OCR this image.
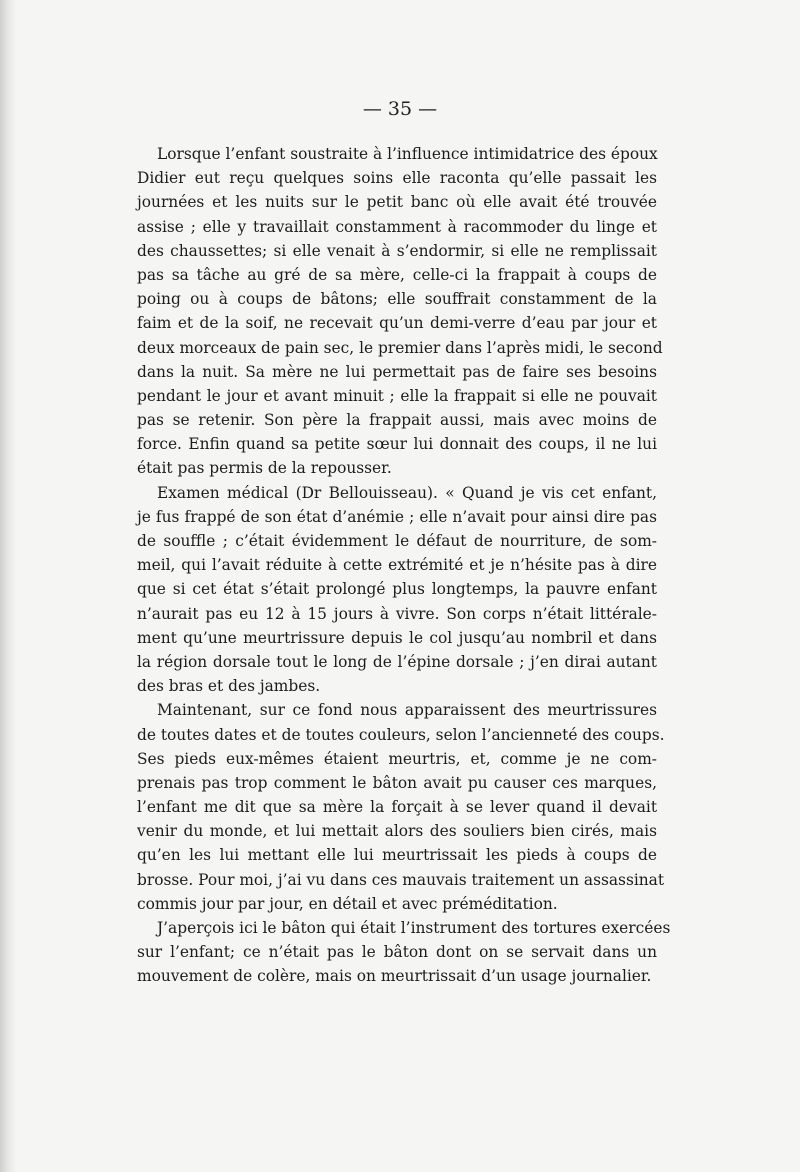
— 35 —

Lorsque l’enfant soustraite à l’influence intimidatrice des époux
Didier eut reçu quelques soins elle raconta qu’elle passait les
journées et les nuits sur le petit banc où elle avait été trouvée
assise ; elle y travaillait constamment à racommoder du linge et
des chaussettes; si elle venait à s’endormir, si elle ne remplissait
pas sa tâche au gré de sa mère, celle-ci la frappait à coups de
poing ou à coups de bâtons; elle souffrait constamment de la
faim et de la soif, ne recevait qu’un demi-verre d’eau par jour et
deux morceaux de pain sec, le premier dans l’après midi, le second
dans la nuit. Sa mère ne lui permettait pas de faire ses besoins
pendant le jour et avant minuit ; elle la frappait si elle ne pouvait
pas se retenir. Son père la frappait aussi, mais avec moins de
force. Enfin quand sa petite sœur lui donnait des coups, il ne lui
était pas permis de la repousser.
Examen médical (Dr Bellouisseau). « Quand je vis cet enfant,
je fus frappé de son état d’anémie ; elle n’avait pour ainsi dire pas
de souffle ; c’était évidemment le défaut de nourriture, de som-
meil, qui l’avait réduite à cette extrémité et je n’hésite pas à dire
que si cet état s’était prolongé plus longtemps, la pauvre enfant
n’aurait pas eu 12 à 15 jours à vivre. Son corps n’était littérale-
ment qu’une meurtrissure depuis le col jusqu’au nombril et dans
la région dorsale tout le long de l’épine dorsale ; j’en dirai autant
des bras et des jambes.
Maintenant, sur ce fond nous apparaissent des meurtrissures
de toutes dates et de toutes couleurs, selon l’ancienneté des coups.
Ses pieds eux-mêmes étaient meurtris, et, comme je ne com-
prenais pas trop comment le bâton avait pu causer ces marques,
l’enfant me dit que sa mère la forçait à se lever quand il devait
venir du monde, et lui mettait alors des souliers bien cirés, mais
qu’en les lui mettant elle lui meurtrissait les pieds à coups de
brosse. Pour moi, j’ai vu dans ces mauvais traitement un assassinat
commis jour par jour, en détail et avec préméditation.
J’aperçois ici le bâton qui était l’instrument des tortures exercées
sur l’enfant; ce n’était pas le bâton dont on se servait dans un
mouvement de colère, mais on meurtrissait d’un usage journalier.
